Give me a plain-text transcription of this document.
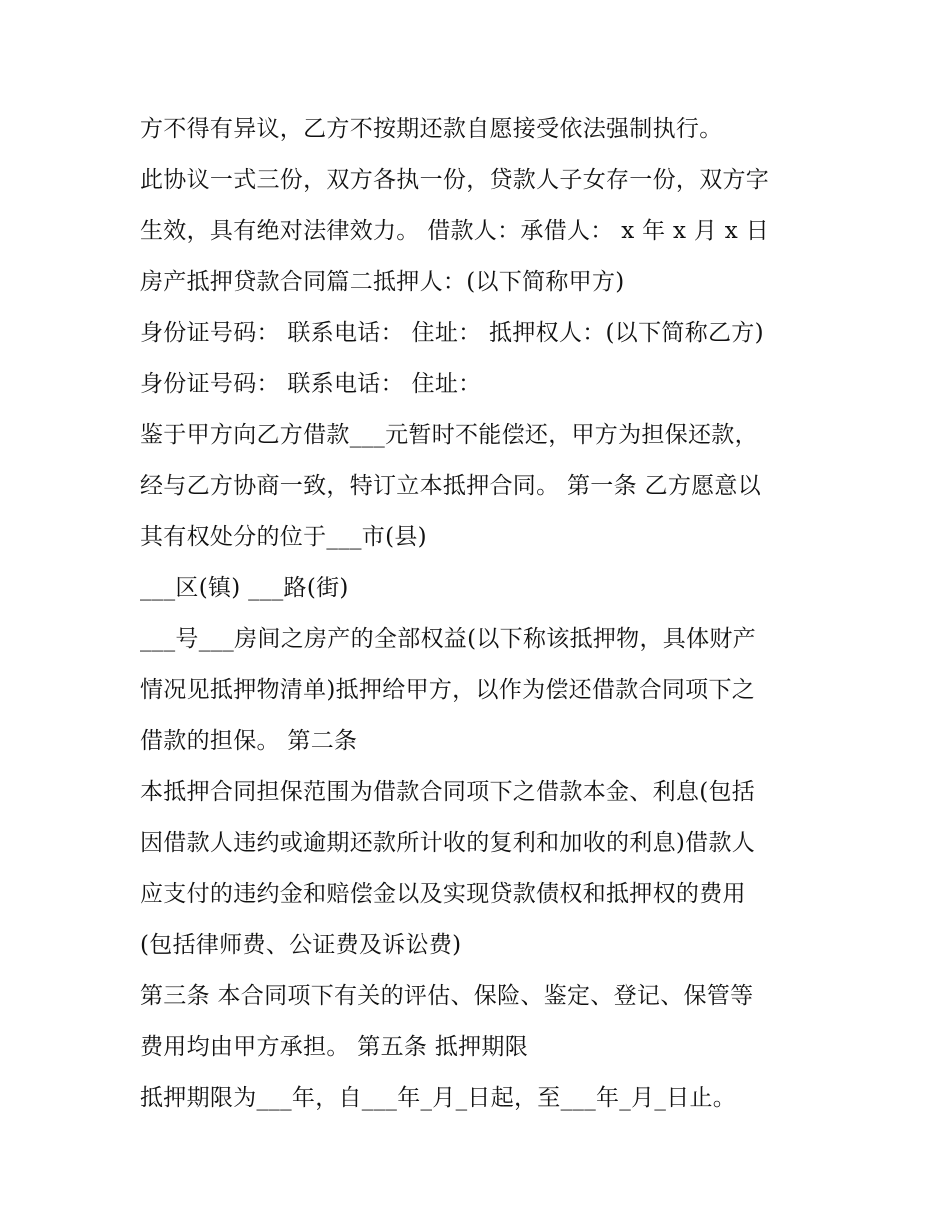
方不得有异议，乙方不按期还款自愿接受依法强制执行。
此协议一式三份，双方各执一份，贷款人子女存一份，双方字
生效，具有绝对法律效力。 借款人：承借人： x 年 x 月 x 日
房产抵押贷款合同篇二抵押人：(以下简称甲方)
身份证号码： 联系电话： 住址： 抵押权人：(以下简称乙方)
身份证号码： 联系电话： 住址：
鉴于甲方向乙方借款___元暂时不能偿还，甲方为担保还款，
经与乙方协商一致，特订立本抵押合同。 第一条 乙方愿意以
其有权处分的位于___市(县)
___区(镇) ___路(街)
___号___房间之房产的全部权益(以下称该抵押物，具体财产
情况见抵押物清单)抵押给甲方，以作为偿还借款合同项下之
借款的担保。 第二条
本抵押合同担保范围为借款合同项下之借款本金、利息(包括
因借款人违约或逾期还款所计收的复利和加收的利息)借款人
应支付的违约金和赔偿金以及实现贷款债权和抵押权的费用
(包括律师费、公证费及诉讼费)
第三条 本合同项下有关的评估、保险、鉴定、登记、保管等
费用均由甲方承担。 第五条 抵押期限
抵押期限为___年，自___年_月_日起，至___年_月_日止。
